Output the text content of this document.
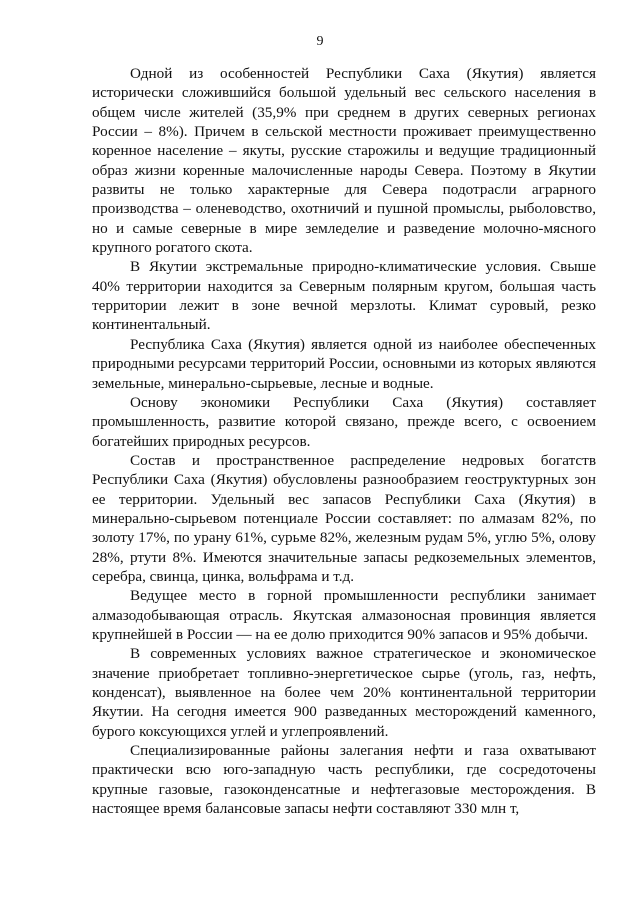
9

Одной из особенностей Республики Саха (Якутия) является исторически сложившийся большой удельный вес сельского населения в общем числе жителей (35,9% при среднем в других северных регионах России – 8%). Причем в сельской местности проживает преимущественно коренное население – якуты, русские старожилы и ведущие традиционный образ жизни коренные малочисленные народы Севера. Поэтому в Якутии развиты не только характерные для Севера подотрасли аграрного производства – оленеводство, охотничий и пушной промыслы, рыболовство, но и самые северные в мире земледелие и разведение молочно-мясного крупного рогатого скота.

В Якутии экстремальные природно-климатические условия. Свыше 40% территории находится за Северным полярным кругом, большая часть территории лежит в зоне вечной мерзлоты. Климат суровый, резко континентальный.

Республика Саха (Якутия) является одной из наиболее обеспеченных природными ресурсами территорий России, основными из которых являются земельные, минерально-сырьевые, лесные и водные.

Основу экономики Республики Саха (Якутия) составляет промышленность, развитие которой связано, прежде всего, с освоением богатейших природных ресурсов.

Состав и пространственное распределение недровых богатств Республики Саха (Якутия) обусловлены разнообразием геоструктурных зон ее территории. Удельный вес запасов Республики Саха (Якутия) в минерально-сырьевом потенциале России составляет: по алмазам 82%, по золоту 17%, по урану 61%, сурьме 82%, железным рудам 5%, углю 5%, олову 28%, ртути 8%. Имеются значительные запасы редкоземельных элементов, серебра, свинца, цинка, вольфрама и т.д.

Ведущее место в горной промышленности республики занимает алмазодобывающая отрасль. Якутская алмазоносная провинция является крупнейшей в России — на ее долю приходится 90% запасов и 95% добычи.

В современных условиях важное стратегическое и экономическое значение приобретает топливно-энергетическое сырье (уголь, газ, нефть, конденсат), выявленное на более чем 20% континентальной территории Якутии. На сегодня имеется 900 разведанных месторождений каменного, бурого коксующихся углей и углепроявлений.

Специализированные районы залегания нефти и газа охватывают практически всю юго-западную часть республики, где сосредоточены крупные газовые, газоконденсатные и нефтегазовые месторождения. В настоящее время балансовые запасы нефти составляют 330 млн т,
